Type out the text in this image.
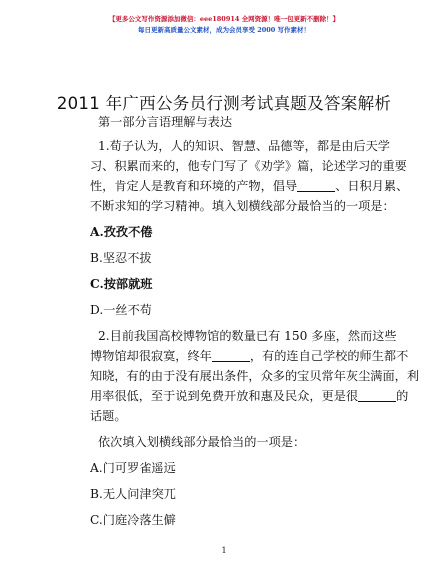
【更多公文写作资源添加微信：eee180914 全网资源！唯一包更新不删除！】
每日更新高质量公文素材，成为会员享受 2000 写作素材！
2011 年广西公务员行测考试真题及答案解析
第一部分言语理解与表达
1.荀子认为，人的知识、智慧、品德等，都是由后天学
习、积累而来的，他专门写了《劝学》篇，论述学习的重要
性，肯定人是教育和环境的产物，倡导	、日积月累、
不断求知的学习精神。填入划横线部分最恰当的一项是：
A.孜孜不倦
B.坚忍不拔
C.按部就班
D.一丝不苟
2.目前我国高校博物馆的数量已有 150 多座，然而这些
博物馆却很寂寞，终年	，有的连自己学校的师生都不
知晓，有的由于没有展出条件，众多的宝贝常年灰尘满面，利
用率很低，至于说到免费开放和惠及民众，更是很	的
话题。
依次填入划横线部分最恰当的一项是：
A.门可罗雀遥远
B.无人问津突兀
C.门庭冷落生僻
1
